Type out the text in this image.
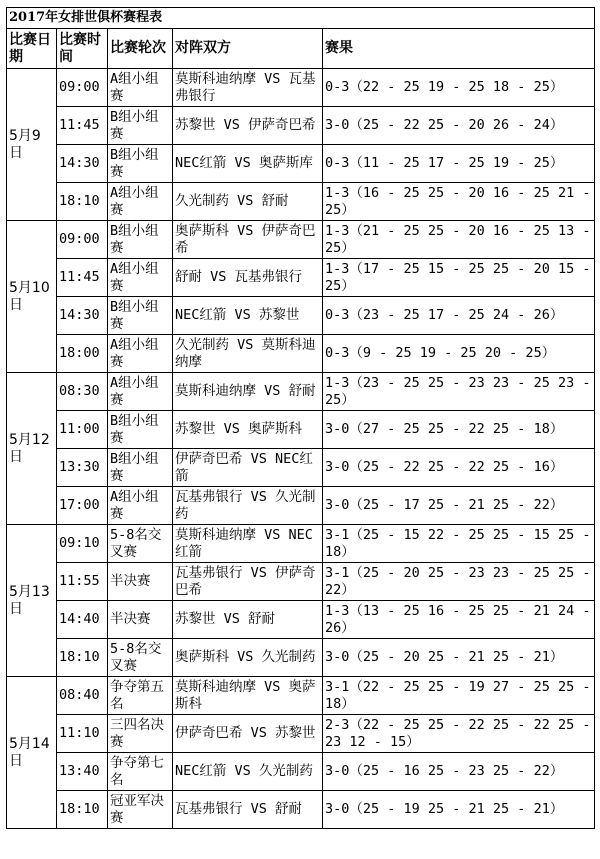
2017年女排世俱杯赛程表				
比赛日期	比赛时间	比赛轮次	对阵双方	赛果
5月9日	09:00	A组小组赛	莫斯科迪纳摩 VS 瓦基弗银行	0-3（22 - 25 19 - 25 18 - 25）
	11:45	B组小组赛	苏黎世 VS 伊萨奇巴希	3-0（25 - 22 25 - 20 26 - 24）
	14:30	B组小组赛	NEC红箭 VS 奥萨斯库	0-3（11 - 25 17 - 25 19 - 25）
	18:10	A组小组赛	久光制药 VS 舒耐	1-3（16 - 25 25 - 20 16 - 25 21 - 25）
5月10日	09:00	B组小组赛	奥萨斯科 VS 伊萨奇巴希	1-3（21 - 25 25 - 20 16 - 25 13 - 25）
	11:45	A组小组赛	舒耐 VS 瓦基弗银行	1-3（17 - 25 15 - 25 25 - 20 15 - 25）
	14:30	B组小组赛	NEC红箭 VS 苏黎世	0-3（23 - 25 17 - 25 24 - 26）
	18:00	A组小组赛	久光制药 VS 莫斯科迪纳摩	0-3（9 - 25 19 - 25 20 - 25）
5月12日	08:30	A组小组赛	莫斯科迪纳摩 VS 舒耐	1-3（23 - 25 25 - 23 23 - 25 23 - 25）
	11:00	B组小组赛	苏黎世 VS 奥萨斯科	3-0（27 - 25 25 - 22 25 - 18）
	13:30	B组小组赛	伊萨奇巴希 VS NEC红箭	3-0（25 - 22 25 - 22 25 - 16）
	17:00	A组小组赛	瓦基弗银行 VS 久光制药	3-0（25 - 17 25 - 21 25 - 22）
5月13日	09:10	5-8名交叉赛	莫斯科迪纳摩 VS NEC红箭	3-1（25 - 15 22 - 25 25 - 15 25 - 18）
	11:55	半决赛	瓦基弗银行 VS 伊萨奇巴希	3-1（25 - 20 25 - 23 23 - 25 25 - 22）
	14:40	半决赛	苏黎世 VS 舒耐	1-3（13 - 25 16 - 25 25 - 21 24 - 26）
	18:10	5-8名交叉赛	奥萨斯科 VS 久光制药	3-0（25 - 20 25 - 21 25 - 21）
5月14日	08:40	争夺第五名	莫斯科迪纳摩 VS 奥萨斯科	3-1（22 - 25 25 - 19 27 - 25 25 - 18）
	11:10	三四名决赛	伊萨奇巴希 VS 苏黎世	2-3（22 - 25 25 - 22 25 - 22 25 - 23 12 - 15）
	13:40	争夺第七名	NEC红箭 VS 久光制药	3-0（25 - 16 25 - 23 25 - 22）
	18:10	冠亚军决赛	瓦基弗银行 VS 舒耐	3-0（25 - 19 25 - 21 25 - 21）
